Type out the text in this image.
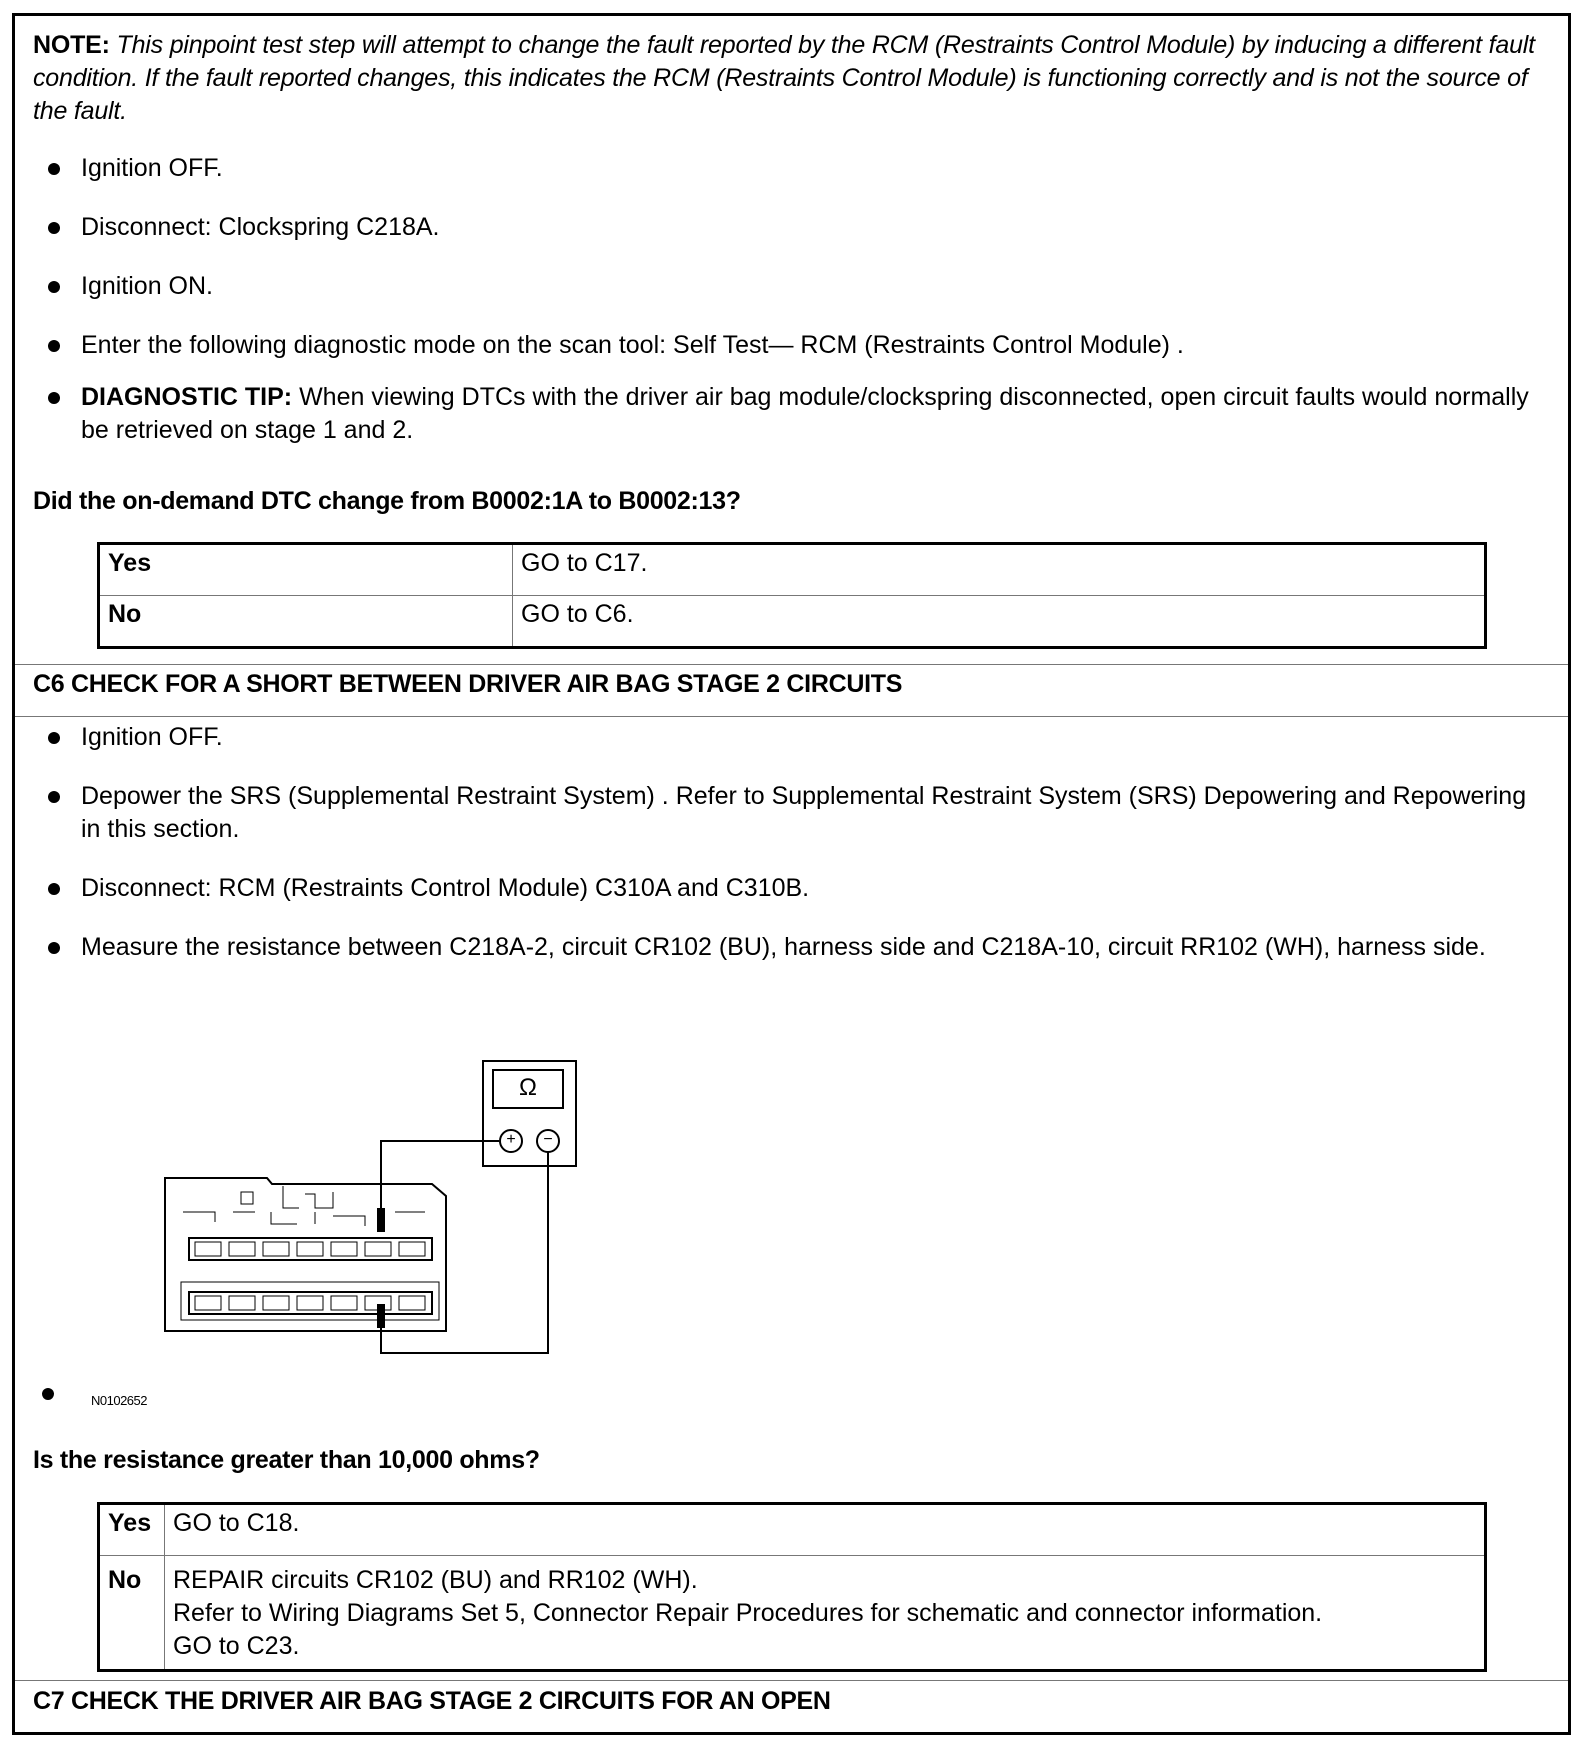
NOTE: This pinpoint test step will attempt to change the fault reported by the RCM (Restraints Control Module) by inducing a different fault condition. If the fault reported changes, this indicates the RCM (Restraints Control Module) is functioning correctly and is not the source of the fault.
Ignition OFF.
Disconnect: Clockspring C218A.
Ignition ON.
Enter the following diagnostic mode on the scan tool: Self Test— RCM (Restraints Control Module) .
DIAGNOSTIC TIP: When viewing DTCs with the driver air bag module/clockspring disconnected, open circuit faults would normally be retrieved on stage 1 and 2.
Did the on-demand DTC change from B0002:1A to B0002:13?
Yes	GO to C17.
No	GO to C6.
C6 CHECK FOR A SHORT BETWEEN DRIVER AIR BAG STAGE 2 CIRCUITS
Ignition OFF.
Depower the SRS (Supplemental Restraint System) . Refer to Supplemental Restraint System (SRS) Depowering and Repowering in this section.
Disconnect: RCM (Restraints Control Module) C310A and C310B.
Measure the resistance between C218A-2, circuit CR102 (BU), harness side and C218A-10, circuit RR102 (WH), harness side.
Ω
+	−
N0102652
Is the resistance greater than 10,000 ohms?
Yes	GO to C18.

No	REPAIR circuits CR102 (BU) and RR102 (WH).
Refer to Wiring Diagrams Set 5, Connector Repair Procedures for schematic and connector information.
GO to C23.
C7 CHECK THE DRIVER AIR BAG STAGE 2 CIRCUITS FOR AN OPEN
